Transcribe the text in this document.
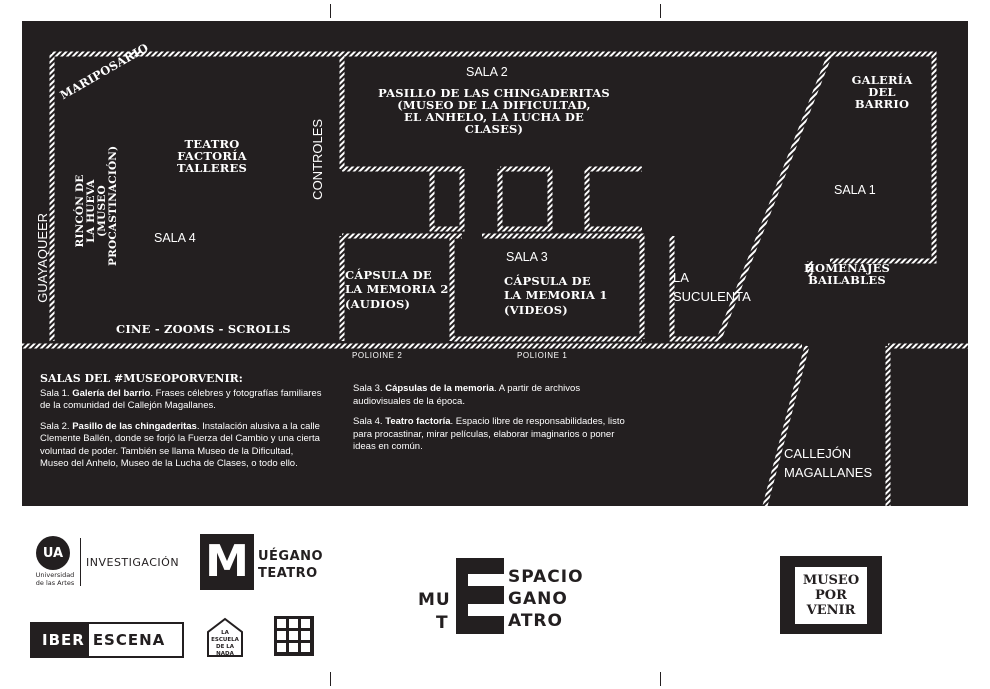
SALA 2
PASILLO DE LAS CHINGADERITAS
(MUSEO DE LA DIFICULTAD,
EL ANHELO, LA LUCHA DE CLASES)
GALERÍA
DEL
BARRIO
SALA 1
HOMENAJES
BAILABLES
LA
SUCULENTA
SALA 3
CÁPSULA DE
LA MEMORIA 1
(VIDEOS)
CÁPSULA DE
LA MEMORIA 2
(AUDIOS)
CONTROLES
TEATRO
FACTORÍA
TALLERES
MARIPOSARIO
RINCÓN DE
LA HUEVA
(MUSEO
PROCASTINACIÓN)	SALA 4
GUAYAQUEER
CINE - ZOOMS - SCROLLS
POLIOINE 2	POLIOINE 1
CALLEJÓN
MAGALLANES
SALAS DEL #MUSEOPORVENIR:

Sala 1. Galería del barrio. Frases célebres y fotografías familiares de la comunidad del Callejón Magallanes.

Sala 2. Pasillo de las chingaderitas. Instalación alusiva a la calle Clemente Ballén, donde se forjó la Fuerza del Cambio y una cierta voluntad de poder. También se llama Museo de la Dificultad, Museo del Anhelo, Museo de la Lucha de Clases, o todo ello.

Sala 3. Cápsulas de la memoria. A partir de archivos audiovisuales de la época.

Sala 4. Teatro factoría. Espacio libre de responsabilidades, listo para procastinar, mirar películas, elaborar imaginarios o poner ideas en común.

UA
Universidad
de las Artes
INVESTIGACIÓN M UÉGANO
TEATRO
IBER ESCENA	LA ESCUELA
DE LA
NADA
MU
T
SPACIO
GANO
ATRO
MUSEO
POR
VENIR
